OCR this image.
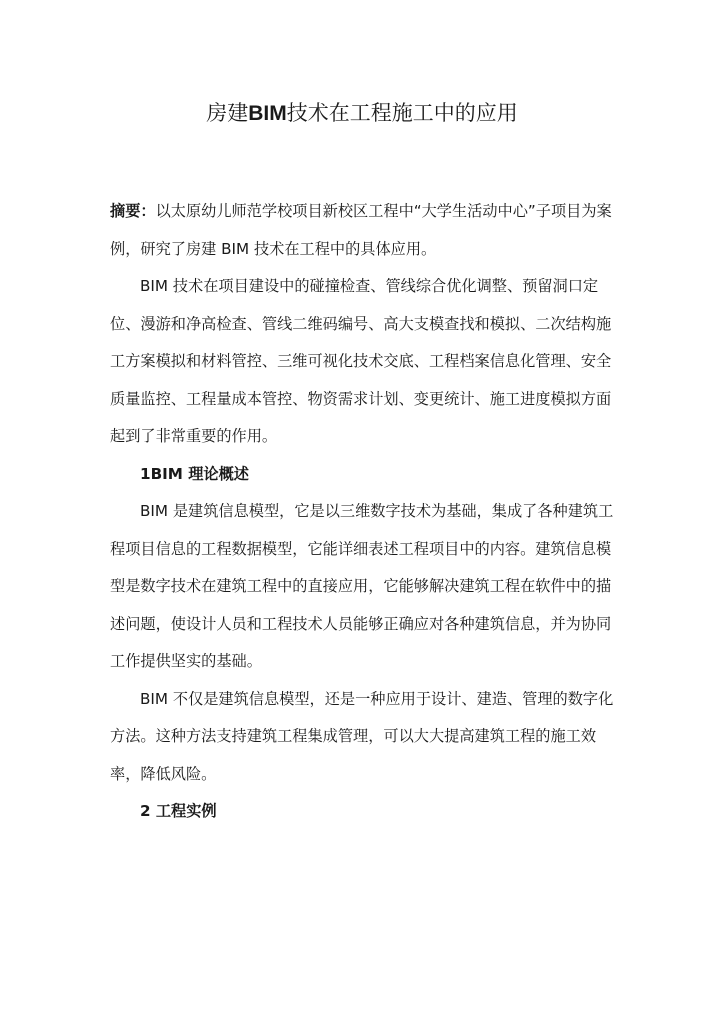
房建BIM技术在工程施工中的应用

摘要：以太原幼儿师范学校项目新校区工程中“大学生活动中心”子项目为案例，研究了房建 BIM 技术在工程中的具体应用。

BIM 技术在项目建设中的碰撞检查、管线综合优化调整、预留洞口定位、漫游和净高检查、管线二维码编号、高大支模查找和模拟、二次结构施工方案模拟和材料管控、三维可视化技术交底、工程档案信息化管理、安全质量监控、工程量成本管控、物资需求计划、变更统计、施工进度模拟方面起到了非常重要的作用。

1BIM 理论概述

BIM 是建筑信息模型，它是以三维数字技术为基础，集成了各种建筑工程项目信息的工程数据模型，它能详细表述工程项目中的内容。建筑信息模型是数字技术在建筑工程中的直接应用，它能够解决建筑工程在软件中的描述问题，使设计人员和工程技术人员能够正确应对各种建筑信息，并为协同工作提供坚实的基础。

BIM 不仅是建筑信息模型，还是一种应用于设计、建造、管理的数字化方法。这种方法支持建筑工程集成管理，可以大大提高建筑工程的施工效率，降低风险。

2 工程实例
